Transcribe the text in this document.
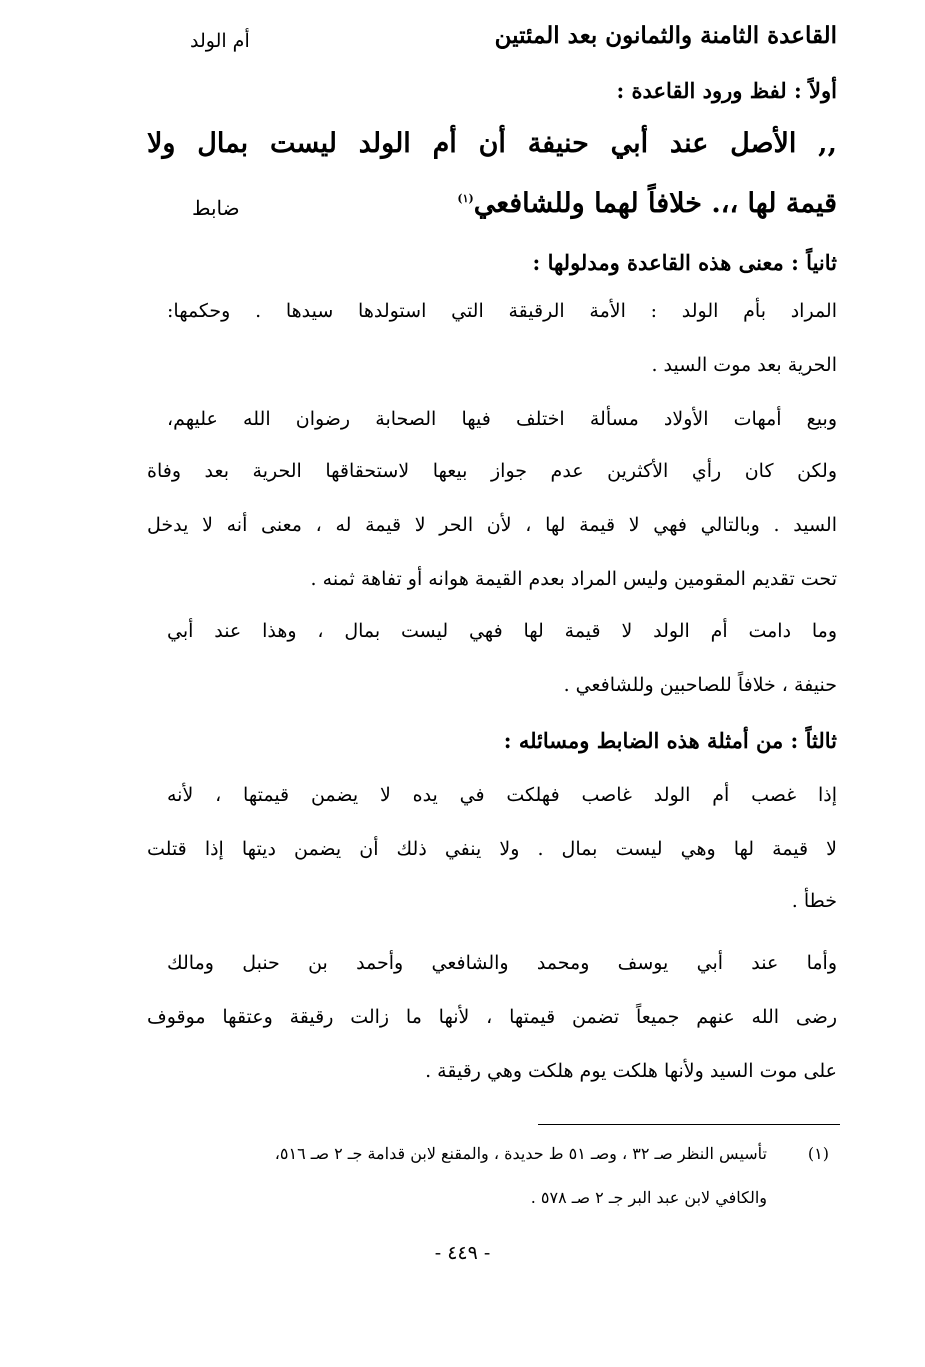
القاعدة الثامنة والثمانون بعد المئتين
أم الولد
أولاً : لفظ ورود القاعدة :
,, الأصل عند أبي حنيفة أن أم الولد ليست بمال ولا
قيمة لها ،،. خلافاً لهما وللشافعي$^{(١)}$
ضابط
ثانياً : معنى هذه القاعدة ومدلولها :
المراد بأم الولد : الأمة الرقيقة التي استولدها سيدها . وحكمها:
الحرية بعد موت السيد .
وبيع أمهات الأولاد مسألة اختلف فيها الصحابة رضوان الله عليهم،
ولكن كان رأي الأكثرين عدم جواز بيعها لاستحقاقها الحرية بعد وفاة
السيد . وبالتالي فهي لا قيمة لها ، لأن الحر لا قيمة له ، معنى أنه لا يدخل
تحت تقديم المقومين وليس المراد بعدم القيمة هوانه أو تفاهة ثمنه .
وما دامت أم الولد لا قيمة لها فهي ليست بمال ، وهذا عند أبي
حنيفة ، خلافاً للصاحبين وللشافعي .
ثالثاً : من أمثلة هذه الضابط ومسائله :
إذا غصب أم الولد غاصب فهلكت في يده لا يضمن قيمتها ، لأنه
لا قيمة لها وهي ليست بمال . ولا ينفي ذلك أن يضمن ديتها إذا قتلت
خطأ .
وأما عند أبي يوسف ومحمد والشافعي وأحمد بن حنبل ومالك
رضى الله عنهم جميعاً تضمن قيمتها ، لأنها ما زالت رقيقة وعتقها موقوف
على موت السيد ولأنها هلكت يوم هلكت وهي رقيقة .
(١)
تأسيس النظر صـ ٣٢ ، وصـ ٥١ ط حديدة ، والمقنع لابن قدامة جـ ٢ صـ ٥١٦،
والكافي لابن عبد البر جـ ٢ صـ ٥٧٨ .
- ٤٤٩ -
